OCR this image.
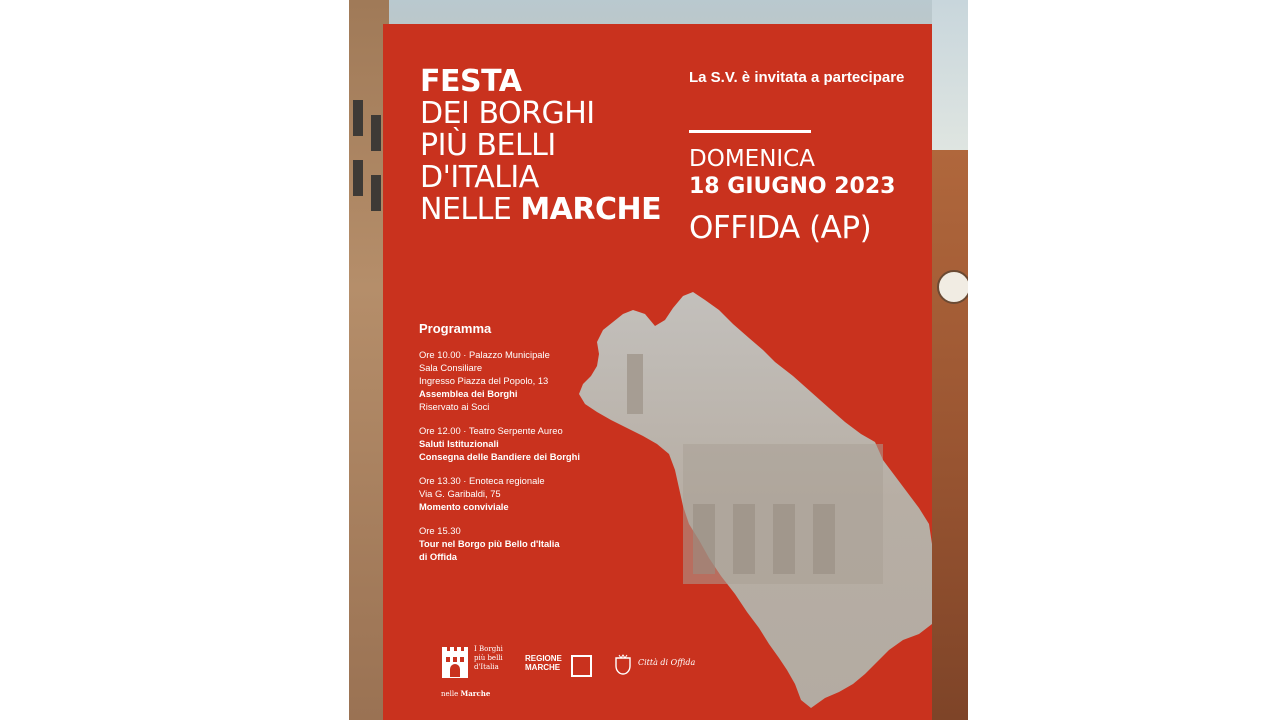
FESTA
DEI BORGHI
PIÙ BELLI
D'ITALIA
NELLE MARCHE
La S.V. è invitata a partecipare
DOMENICA
18 GIUGNO 2023
OFFIDA (AP)
Programma
Ore 10.00 · Palazzo Municipale
Sala Consiliare
Ingresso Piazza del Popolo, 13
Assemblea dei Borghi
Riservato ai Soci
Ore 12.00 · Teatro Serpente Aureo
Saluti Istituzionali
Consegna delle Bandiere dei Borghi
Ore 13.30 · Enoteca regionale
Via G. Garibaldi, 75
Momento conviviale
Ore 15.30
Tour nel Borgo più Bello d'Italia
di Offida
I Borghi
più belli
d'Italia
nelle Marche
REGIONE
MARCHE
Città di Offida
